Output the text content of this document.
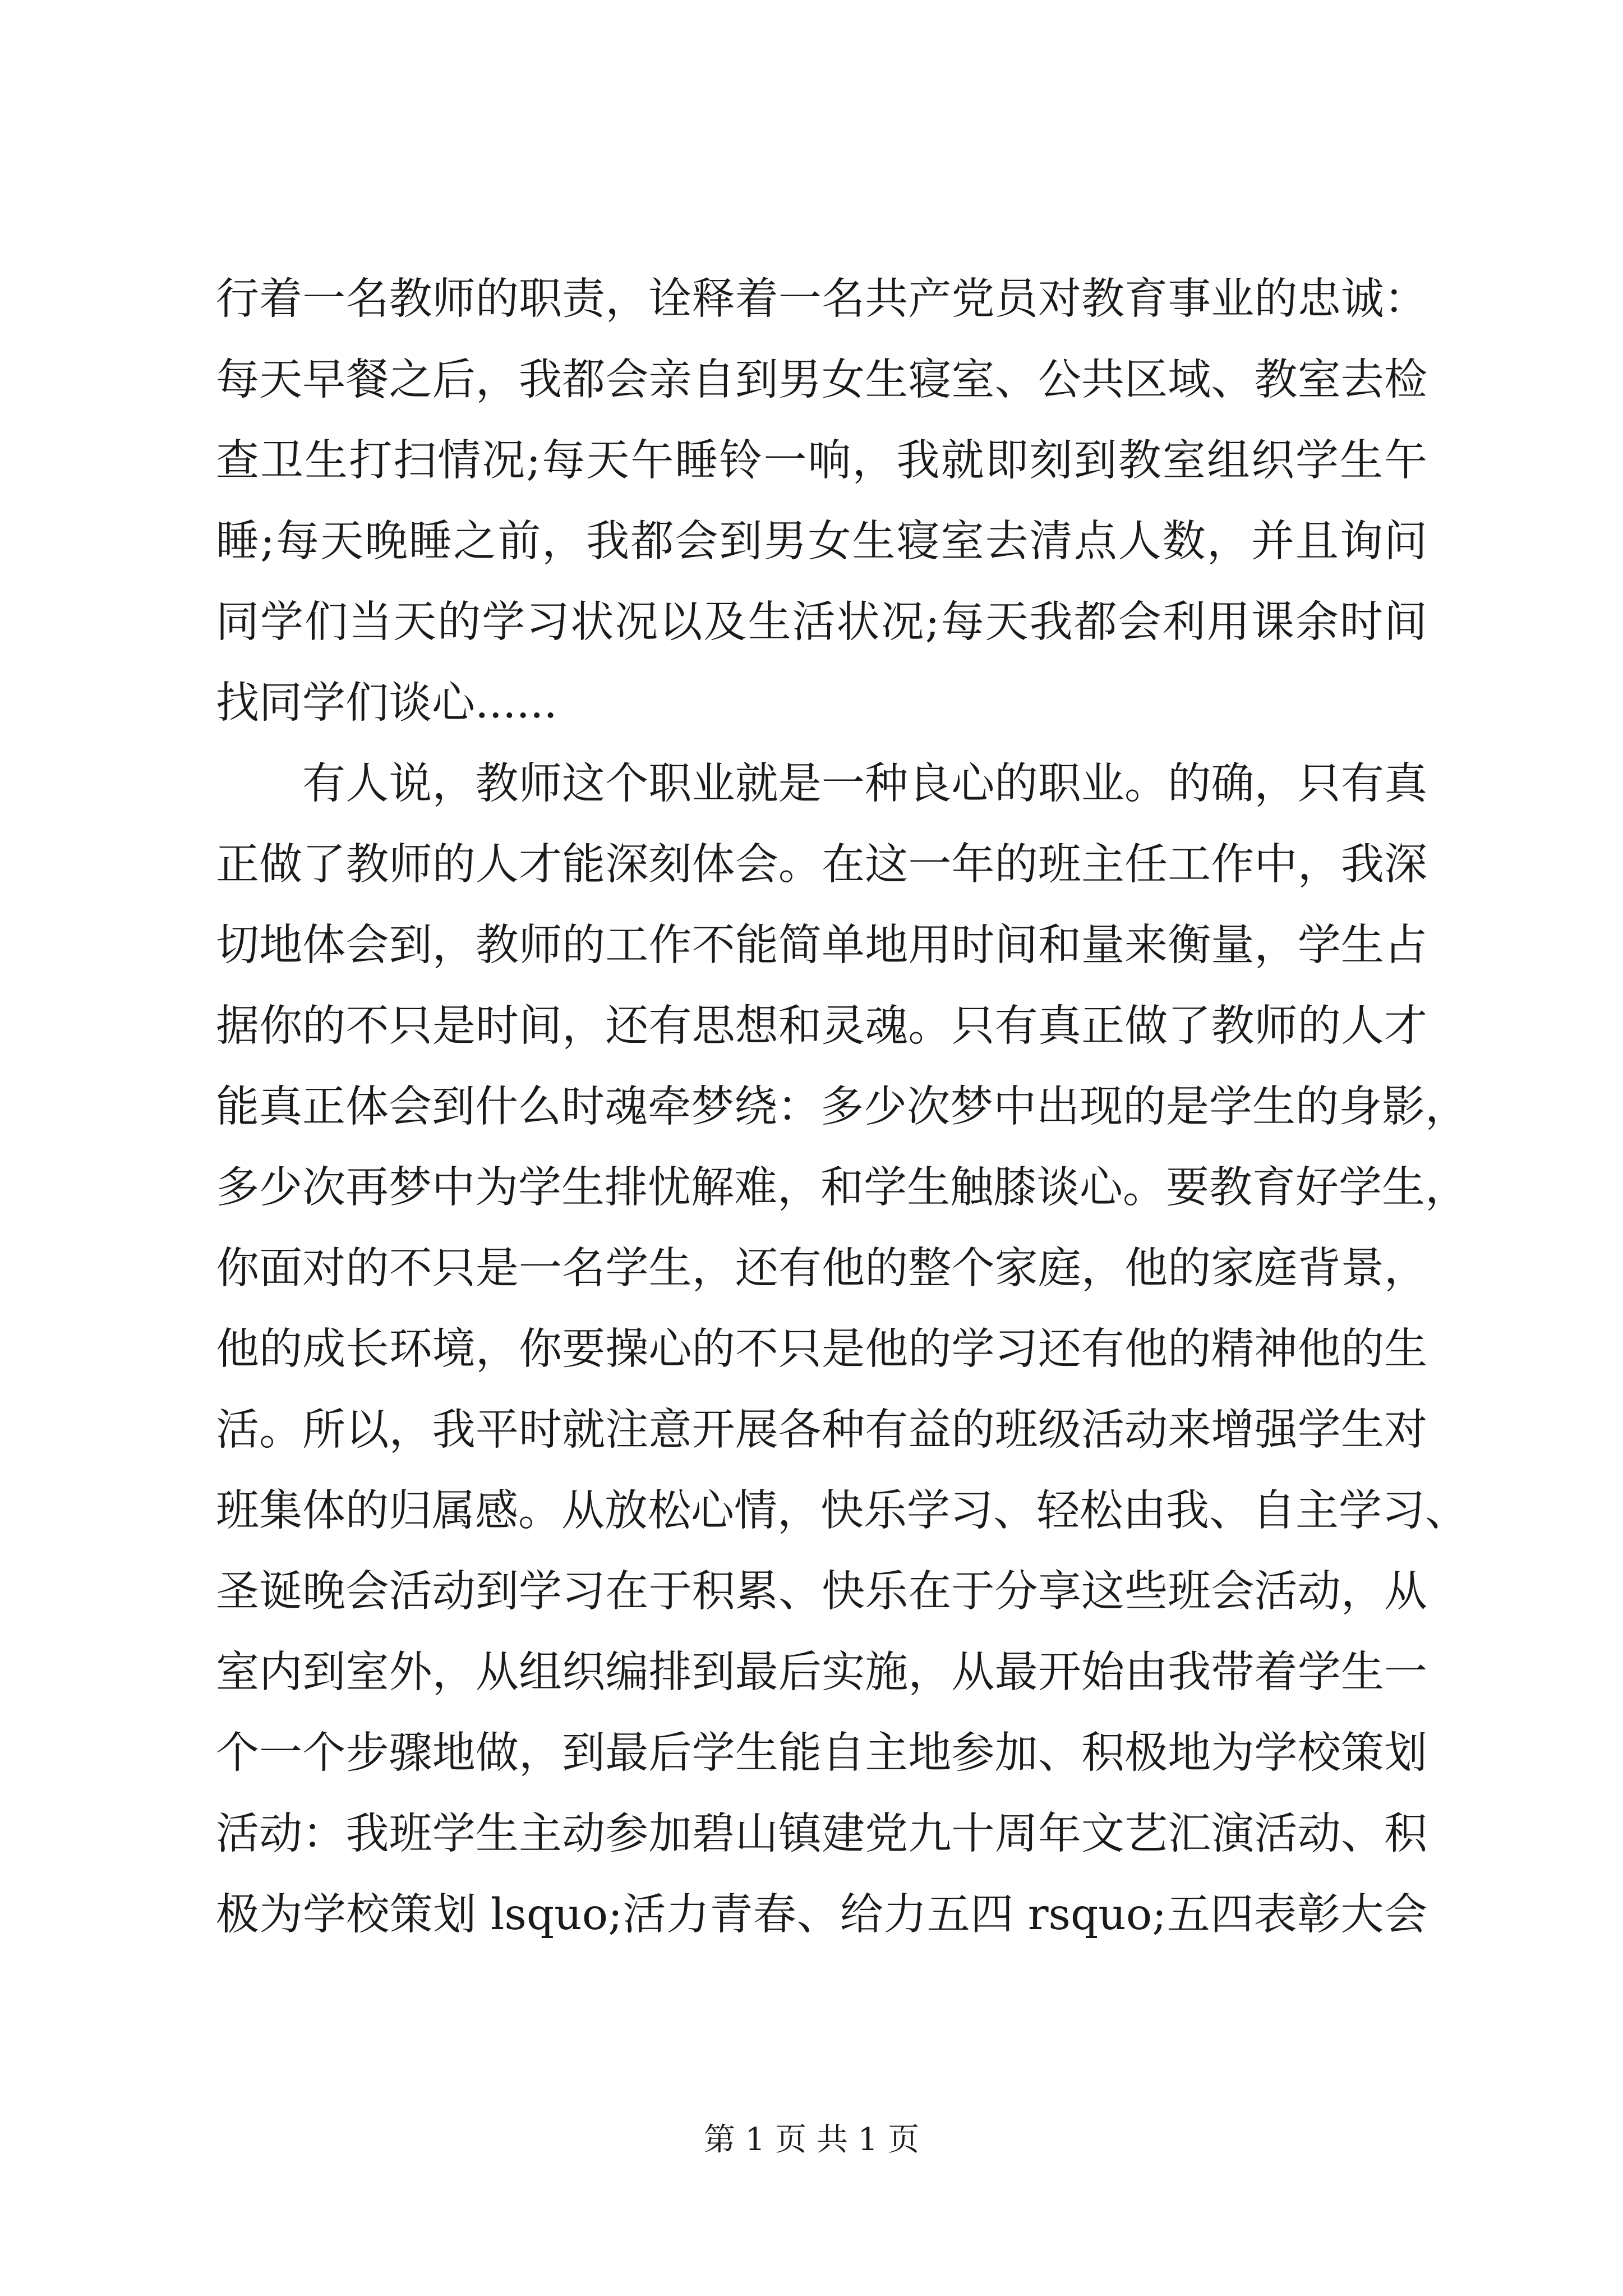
行着一名教师的职责，诠释着一名共产党员对教育事业的忠诚：
每天早餐之后，我都会亲自到男女生寝室、公共区域、教室去检
查卫生打扫情况;每天午睡铃一响，我就即刻到教室组织学生午
睡;每天晚睡之前，我都会到男女生寝室去清点人数，并且询问
同学们当天的学习状况以及生活状况;每天我都会利用课余时间
找同学们谈心......
有人说，教师这个职业就是一种良心的职业。的确，只有真
正做了教师的人才能深刻体会。在这一年的班主任工作中，我深
切地体会到，教师的工作不能简单地用时间和量来衡量，学生占
据你的不只是时间，还有思想和灵魂。只有真正做了教师的人才
能真正体会到什么时魂牵梦绕：多少次梦中出现的是学生的身影，
多少次再梦中为学生排忧解难，和学生触膝谈心。要教育好学生，
你面对的不只是一名学生，还有他的整个家庭，他的家庭背景，
他的成长环境，你要操心的不只是他的学习还有他的精神他的生
活。所以，我平时就注意开展各种有益的班级活动来增强学生对
班集体的归属感。从放松心情，快乐学习、轻松由我、自主学习、
圣诞晚会活动到学习在于积累、快乐在于分享这些班会活动，从
室内到室外，从组织编排到最后实施，从最开始由我带着学生一
个一个步骤地做，到最后学生能自主地参加、积极地为学校策划
活动：我班学生主动参加碧山镇建党九十周年文艺汇演活动、积
极为学校策划 lsquo;活力青春、给力五四 rsquo;五四表彰大会
第 1 页 共 1 页
